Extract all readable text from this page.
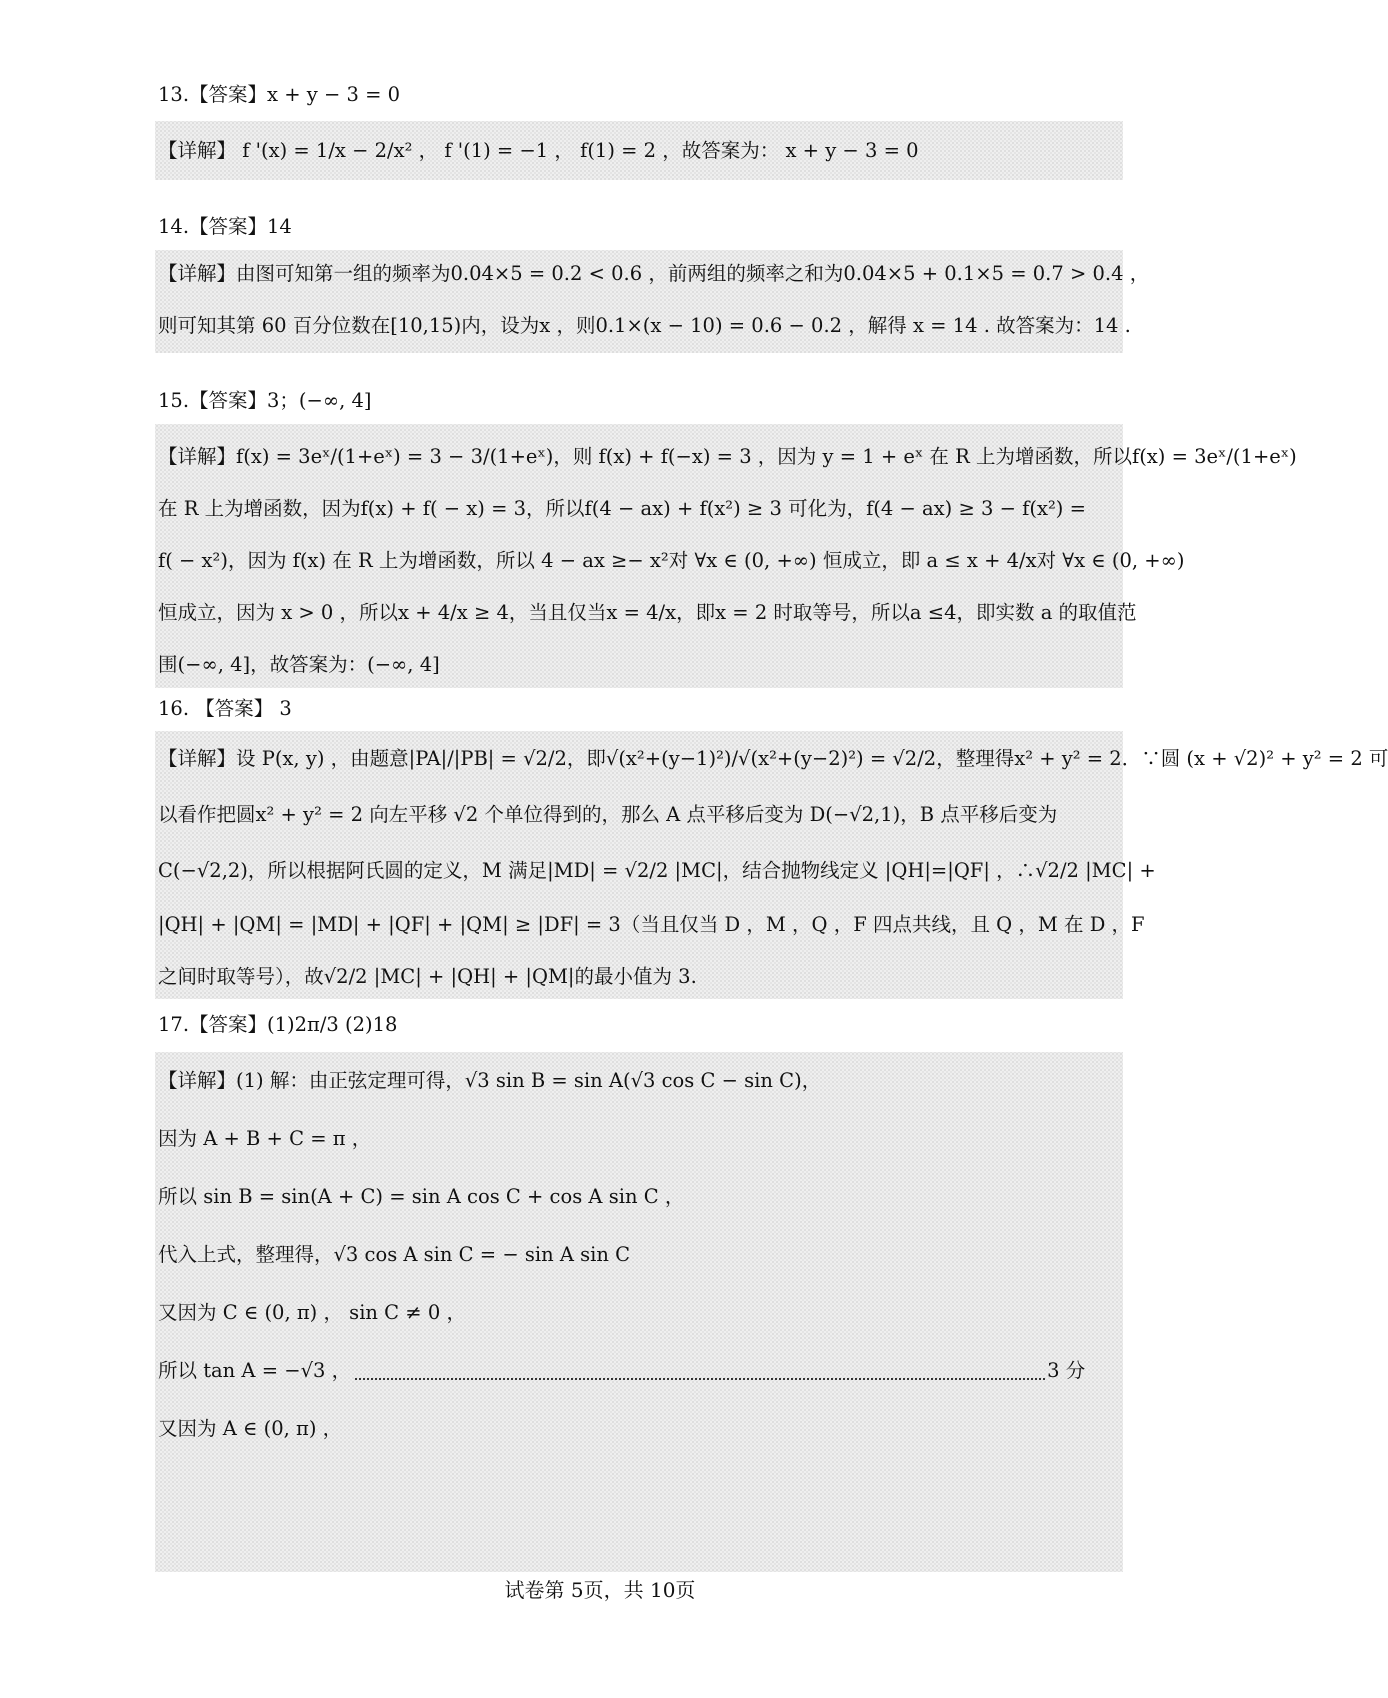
13.【答案】x + y − 3 = 0
【详解】 f '(x) = 1/x − 2/x² ， f '(1) = −1 ， f(1) = 2 ，故答案为： x + y − 3 = 0
14.【答案】14
【详解】由图可知第一组的频率为0.04×5 = 0.2 < 0.6 ，前两组的频率之和为0.04×5 + 0.1×5 = 0.7 > 0.4 ，
则可知其第 60 百分位数在[10,15)内，设为x ，则0.1×(x − 10) = 0.6 − 0.2 ，解得 x = 14 . 故答案为：14 .
15.【答案】3；(−∞, 4]
【详解】f(x) = 3eˣ/(1+eˣ) = 3 − 3/(1+eˣ)，则 f(x) + f(−x) = 3 ，因为 y = 1 + eˣ 在 R 上为增函数，所以f(x) = 3eˣ/(1+eˣ)
在 R 上为增函数，因为f(x) + f( − x) = 3，所以f(4 − ax) + f(x²) ≥ 3 可化为，f(4 − ax) ≥ 3 − f(x²) =
f( − x²)，因为 f(x) 在 R 上为增函数，所以 4 − ax ≥− x²对 ∀x ∈ (0, +∞) 恒成立，即 a ≤ x + 4/x对 ∀x ∈ (0, +∞)
恒成立，因为 x > 0 ，所以x + 4/x ≥ 4，当且仅当x = 4/x，即x = 2 时取等号，所以a ≤4，即实数 a 的取值范
围(−∞, 4]，故答案为：(−∞, 4]
16. 【答案】 3
【详解】设 P(x, y) ，由题意|PA|/|PB| = √2/2，即√(x²+(y−1)²)/√(x²+(y−2)²) = √2/2，整理得x² + y² = 2．∵圆 (x + √2)² + y² = 2 可
以看作把圆x² + y² = 2 向左平移 √2 个单位得到的，那么 A 点平移后变为 D(−√2,1)，B 点平移后变为
C(−√2,2)，所以根据阿氏圆的定义，M 满足|MD| = √2/2 |MC|，结合抛物线定义 |QH|=|QF| ，∴√2/2 |MC| +
|QH| + |QM| = |MD| + |QF| + |QM| ≥ |DF| = 3（当且仅当 D ，M ，Q ，F 四点共线，且 Q ，M 在 D ，F
之间时取等号），故√2/2 |MC| + |QH| + |QM|的最小值为 3.
17.【答案】(1)2π/3 (2)18
【详解】(1) 解：由正弦定理可得，√3 sin B = sin A(√3 cos C − sin C)，
因为 A + B + C = π ，
所以 sin B = sin(A + C) = sin A cos C + cos A sin C ，
代入上式，整理得，√3 cos A sin C = − sin A sin C
又因为 C ∈ (0, π) ， sin C ≠ 0 ，
所以 tan A = −√3 ，	3 分
又因为 A ∈ (0, π) ，
试卷第 5页，共 10页
